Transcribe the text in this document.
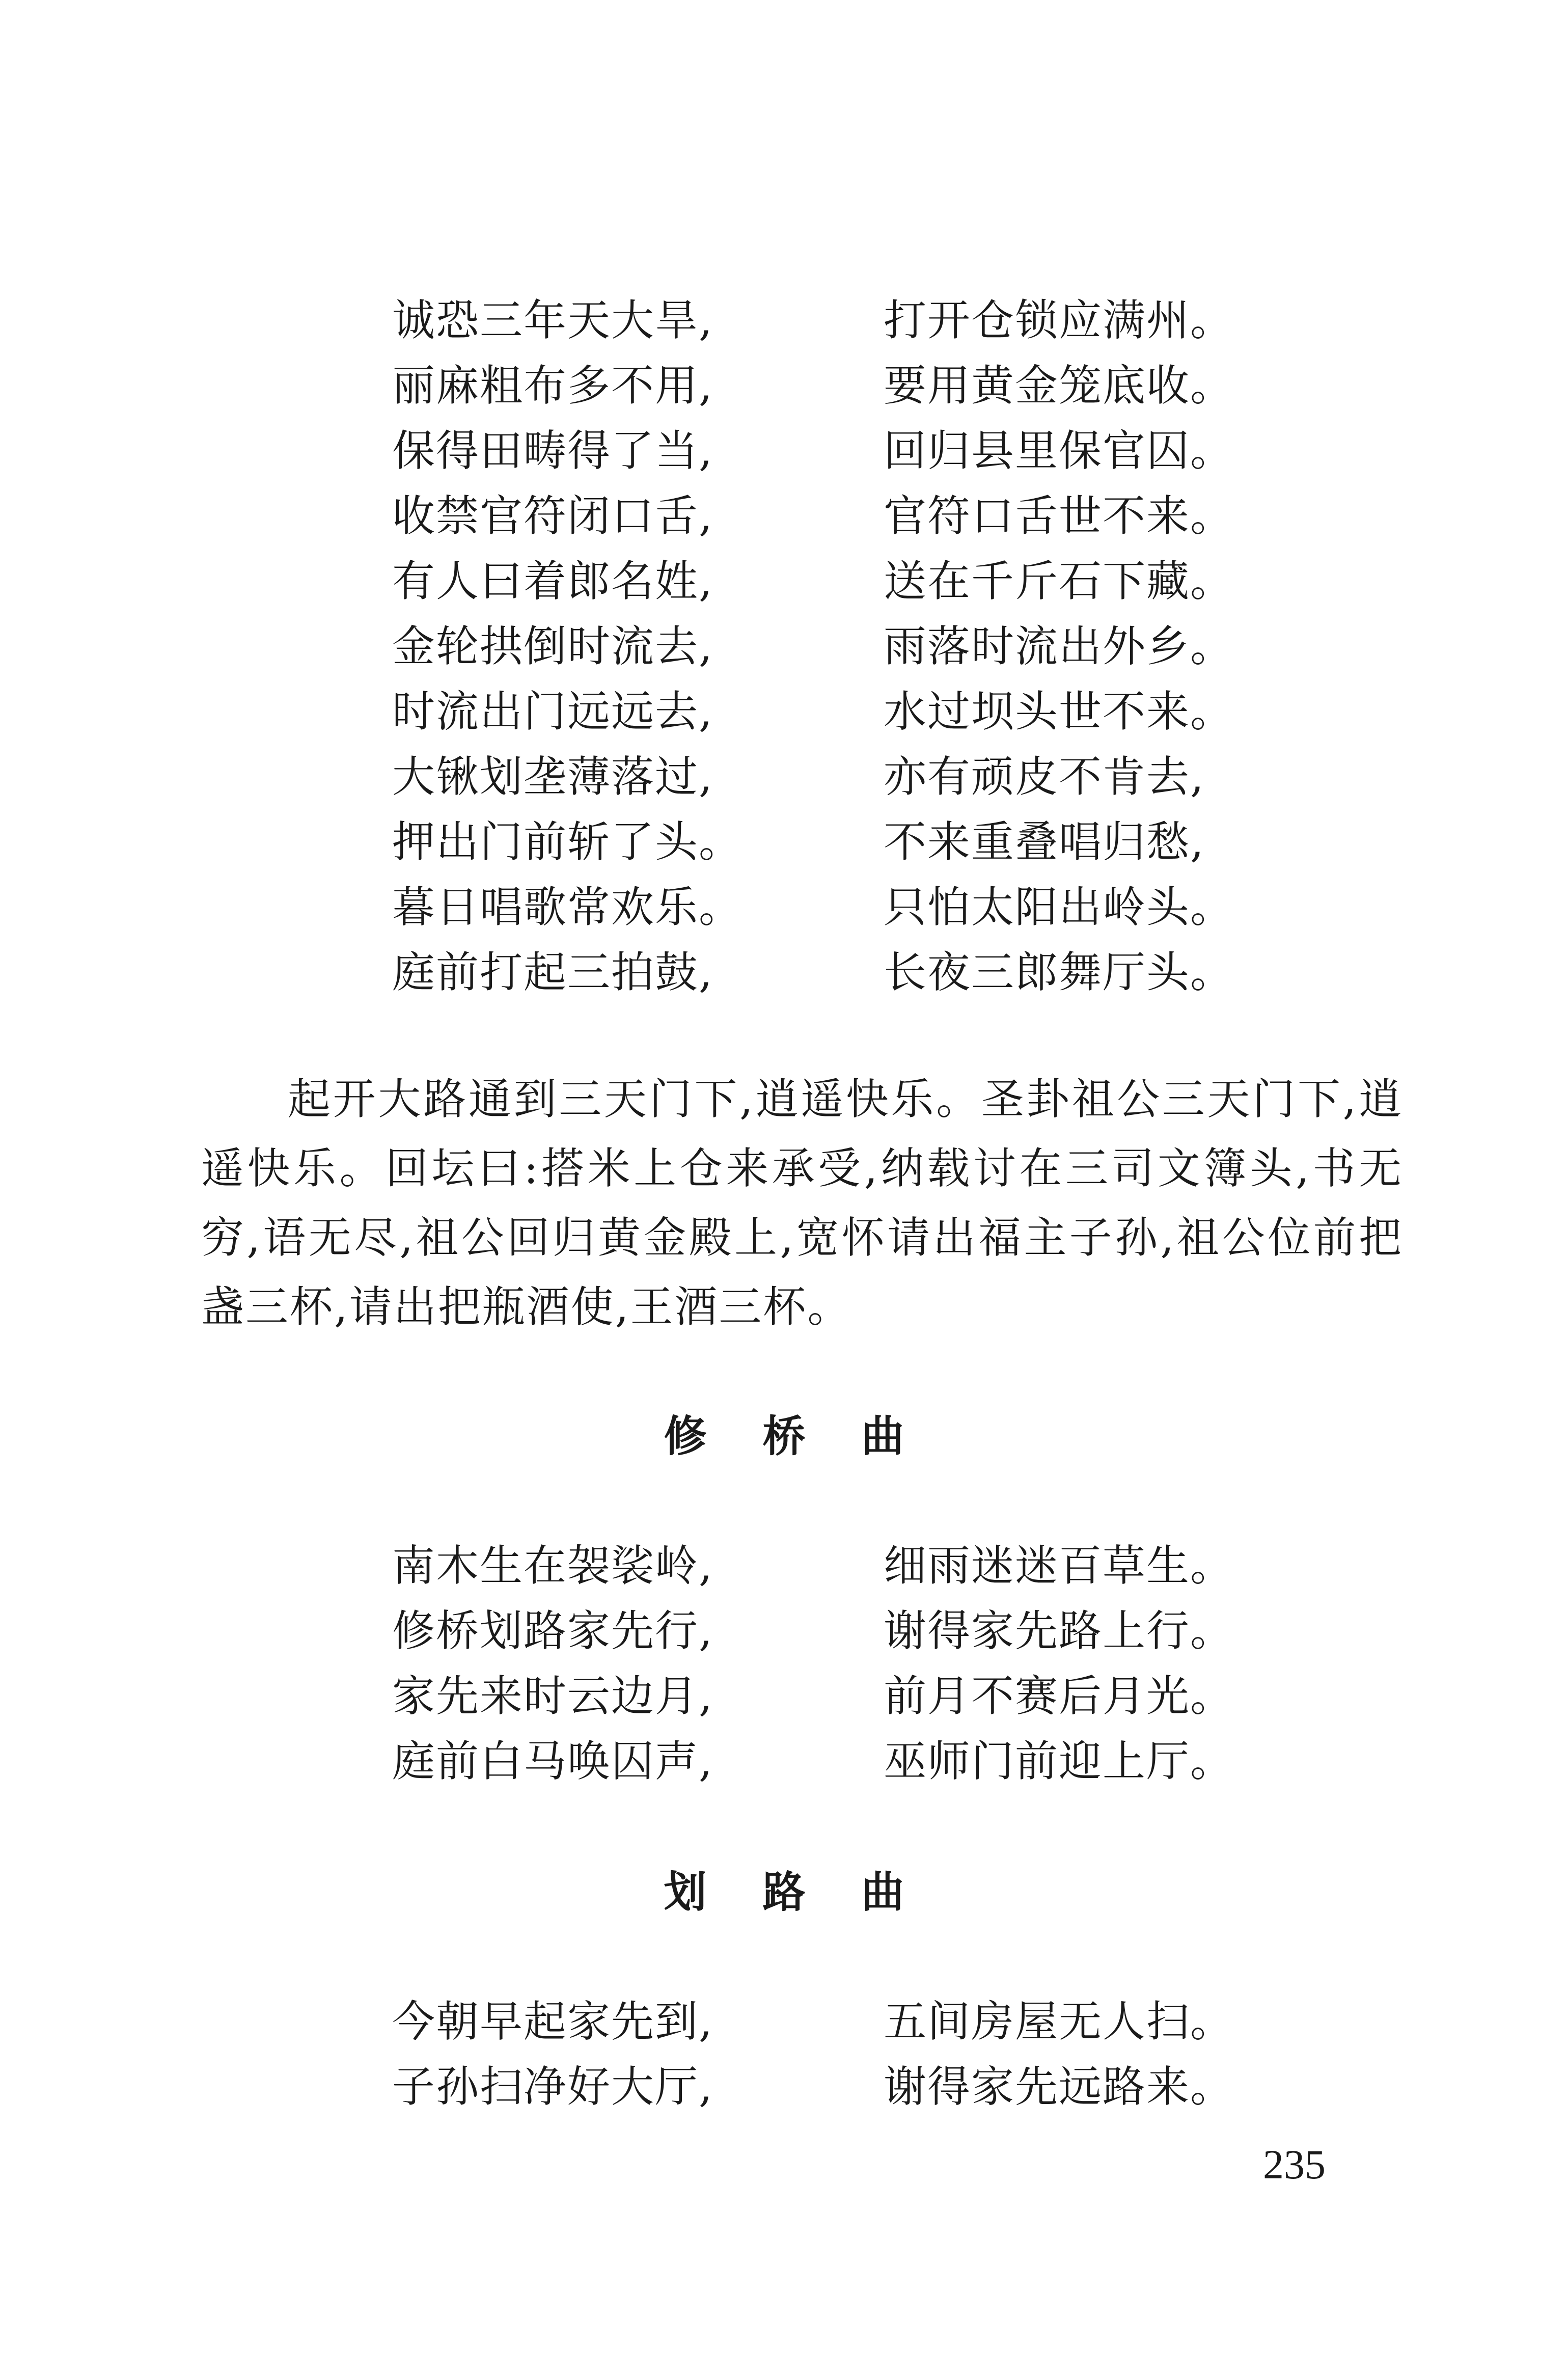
诚恐三年天大旱,	打开仓锁应满州。
丽麻粗布多不用,	要用黄金笼底收。
保得田畴得了当,	回归县里保官囚。
收禁官符闭口舌,	官符口舌世不来。
有人曰着郎名姓,	送在千斤石下藏。
金轮拱倒时流去,	雨落时流出外乡。
时流出门远远去,	水过坝头世不来。
大锹划垄薄落过,	亦有顽皮不肯去,
押出门前斩了头。	不来重叠唱归愁,
暮日唱歌常欢乐。	只怕太阳出岭头。
庭前打起三拍鼓,	长夜三郎舞厅头。

起开大路通到三天门下,逍遥快乐。圣卦祖公三天门下,逍遥快乐。回坛曰:搭米上仓来承受,纳载讨在三司文簿头,书无穷,语无尽,祖公回归黄金殿上,宽怀请出福主子孙,祖公位前把盏三杯,请出把瓶酒使,王酒三杯。

修桥曲
南木生在袈裟岭,	细雨迷迷百草生。
修桥划路家先行,	谢得家先路上行。
家先来时云边月,	前月不赛后月光。
庭前白马唤囚声,	巫师门前迎上厅。
划路曲
今朝早起家先到,	五间房屋无人扫。
子孙扫净好大厅,	谢得家先远路来。
235
